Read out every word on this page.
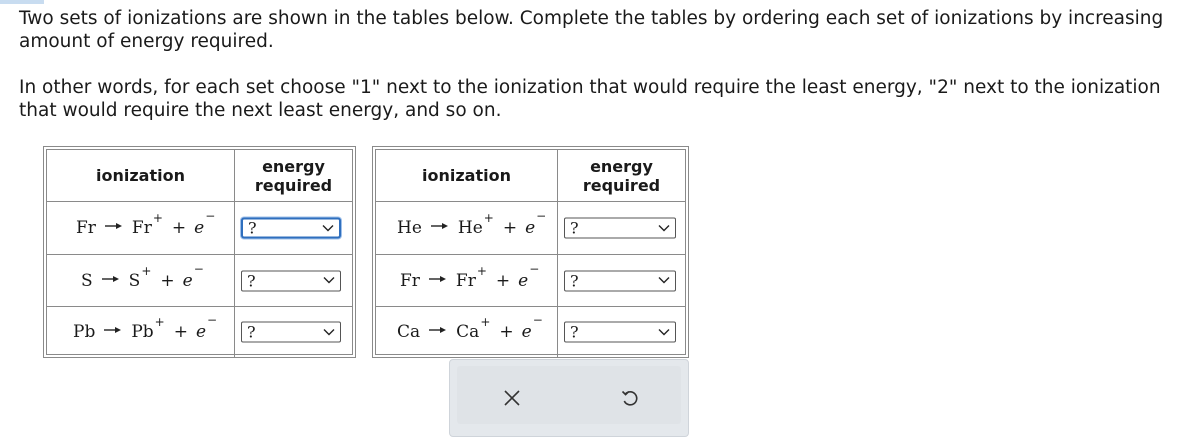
Two sets of ionizations are shown in the tables below. Complete the tables by ordering each set of ionizations by increasing amount of energy required.

In other words, for each set choose "1" next to the ionization that would require the least energy, "2" next to the ionization that would require the next least energy, and so on.

ionization	energy
required
Fr Fr + + e
−
?
S S + + e
−
?
Pb Pb + + e
−
?
ionization	energy
required
He He + + e
−
?
Fr Fr + + e
−
?
Ca Ca + + e
−
?
